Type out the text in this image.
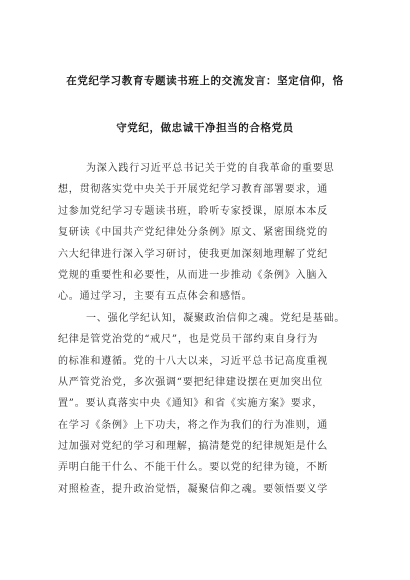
在党纪学习教育专题读书班上的交流发言：坚定信仰，恪
守党纪，做忠诚干净担当的合格党员
为深入践行习近平总书记关于党的自我革命的重要思
想，贯彻落实党中央关于开展党纪学习教育部署要求，通
过参加党纪学习专题读书班，聆听专家授课，原原本本反
复研读《中国共产党纪律处分条例》原文、紧密围绕党的
六大纪律进行深入学习研讨，使我更加深刻地理解了党纪
党规的重要性和必要性，从而进一步推动《条例》入脑入
心。通过学习，主要有五点体会和感悟。
一、强化学纪认知，凝聚政治信仰之魂。党纪是基础。
纪律是管党治党的“戒尺”，也是党员干部约束自身行为
的标准和遵循。党的十八大以来，习近平总书记高度重视
从严管党治党，多次强调“要把纪律建设摆在更加突出位
置”。要认真落实中央《通知》和省《实施方案》要求，
在学习《条例》上下功夫，将之作为我们的行为准则，通
过加强对党纪的学习和理解，搞清楚党的纪律规矩是什么
弄明白能干什么、不能干什么。要以党的纪律为镜，不断
对照检查，提升政治觉悟，凝聚信仰之魂。要领悟要义学
